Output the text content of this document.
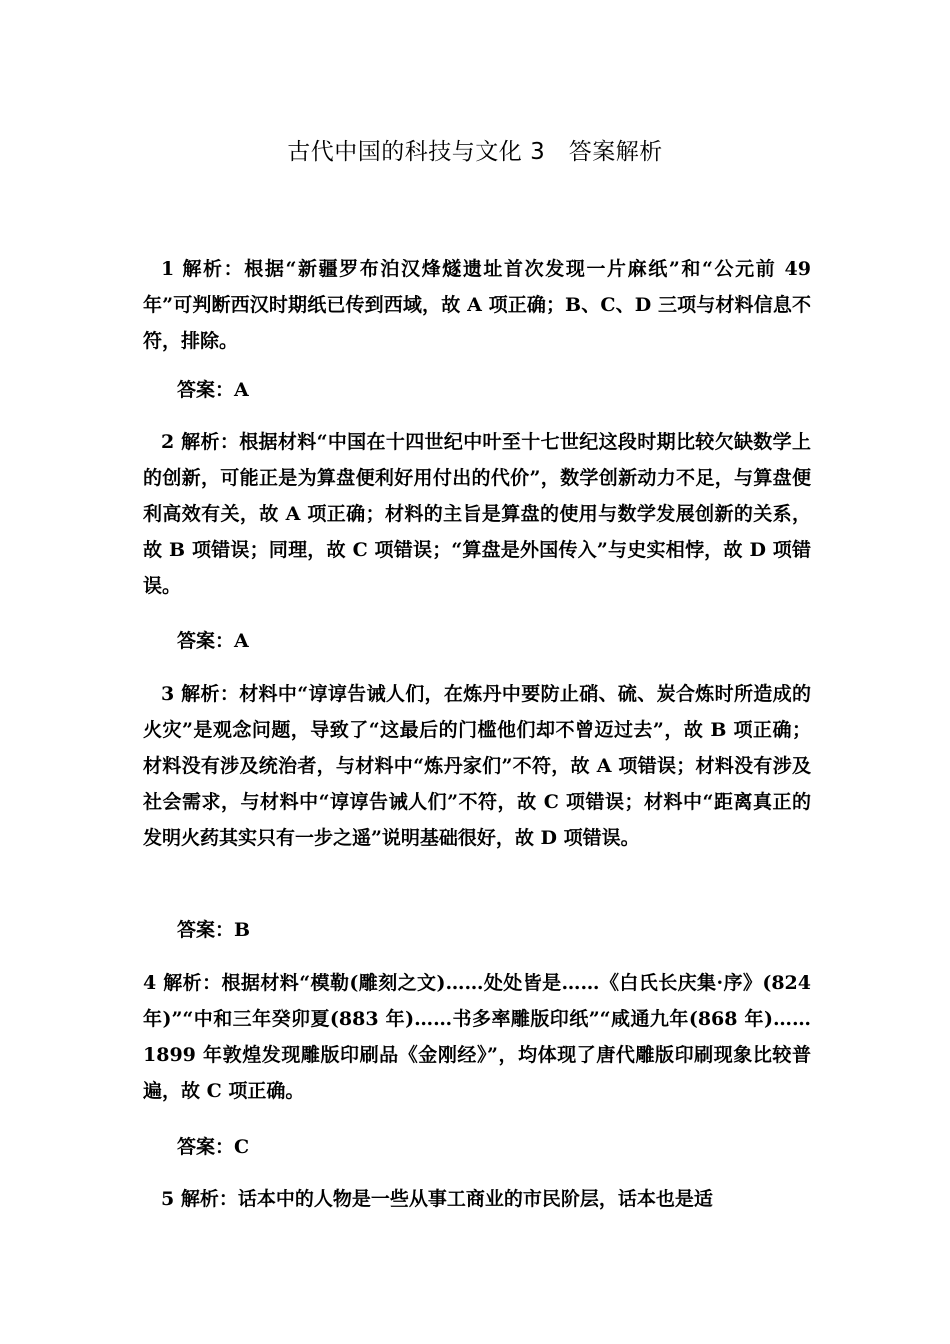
古代中国的科技与文化 3　答案解析

1 解析：根据“新疆罗布泊汉烽燧遗址首次发现一片麻纸”和“公元前 49 年”可判断西汉时期纸已传到西域，故 A 项正确；B、C、D 三项与材料信息不符，排除。

答案：A

2 解析：根据材料“中国在十四世纪中叶至十七世纪这段时期比较欠缺数学上的创新，可能正是为算盘便利好用付出的代价”，数学创新动力不足，与算盘便利高效有关，故 A 项正确；材料的主旨是算盘的使用与数学发展创新的关系，故 B 项错误；同理，故 C 项错误；“算盘是外国传入”与史实相悖，故 D 项错误。

答案：A

3 解析：材料中“谆谆告诫人们，在炼丹中要防止硝、硫、炭合炼时所造成的火灾”是观念问题，导致了“这最后的门槛他们却不曾迈过去”，故 B 项正确；材料没有涉及统治者，与材料中“炼丹家们”不符，故 A 项错误；材料没有涉及社会需求，与材料中“谆谆告诫人们”不符，故 C 项错误；材料中“距离真正的发明火药其实只有一步之遥”说明基础很好，故 D 项错误。

答案：B

4 解析：根据材料“模勒(雕刻之文)……处处皆是……《白氏长庆集·序》(824 年)”“中和三年癸卯夏(883 年)……书多率雕版印纸”“咸通九年(868 年)……1899 年敦煌发现雕版印刷品《金刚经》”，均体现了唐代雕版印刷现象比较普遍，故 C 项正确。

答案：C

5 解析：话本中的人物是一些从事工商业的市民阶层，话本也是适
